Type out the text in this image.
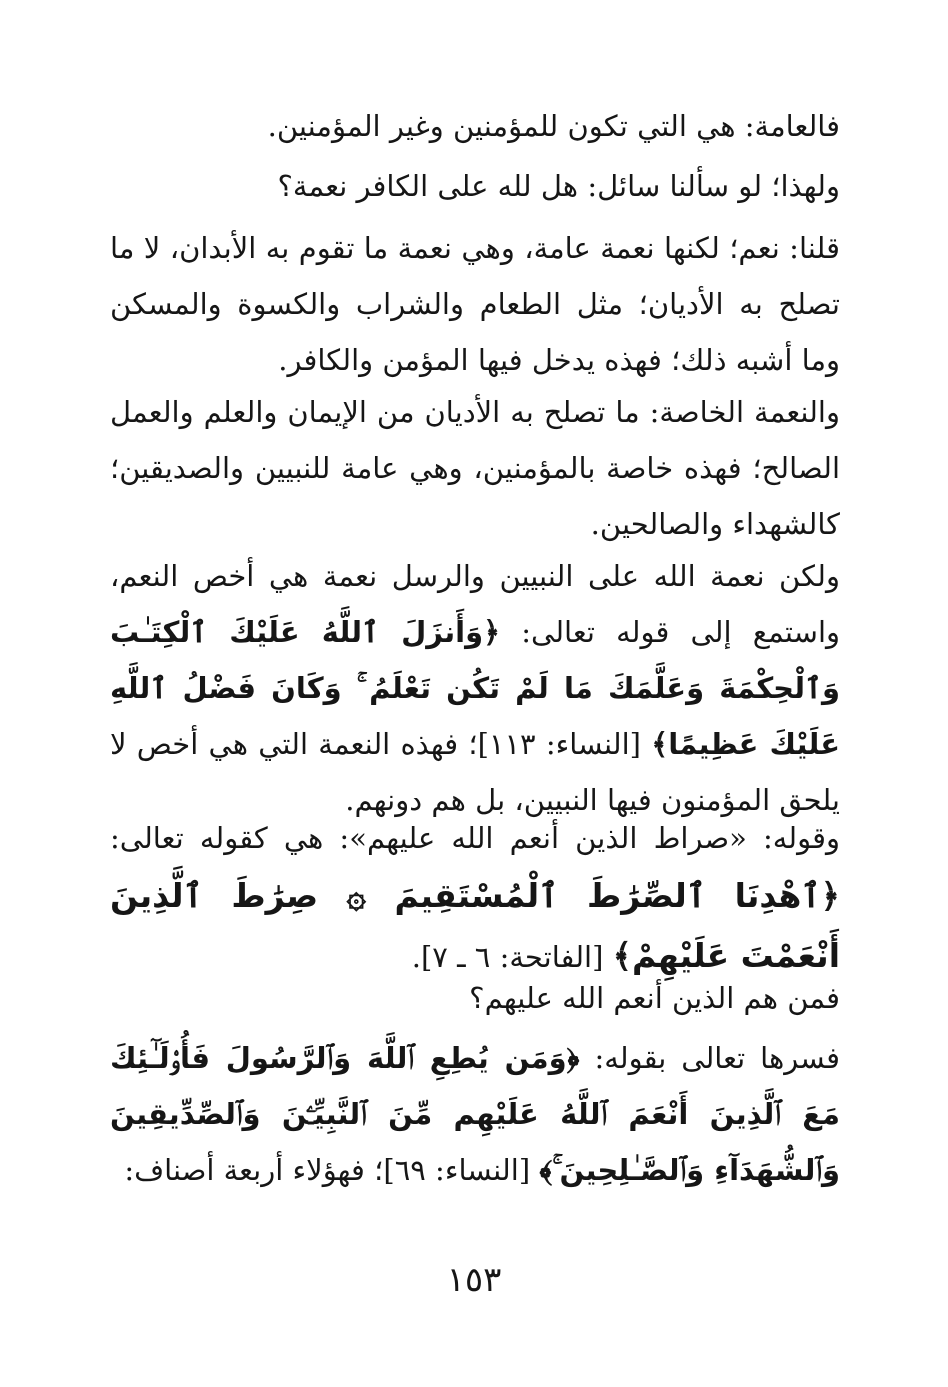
فالعامة: هي التي تكون للمؤمنين وغير المؤمنين.
ولهذا؛ لو سألنا سائل: هل لله على الكافر نعمة؟
قلنا: نعم؛ لكنها نعمة عامة، وهي نعمة ما تقوم به الأبدان، لا ما تصلح به الأديان؛ مثل الطعام والشراب والكسوة والمسكن وما أشبه ذلك؛ فهذه يدخل فيها المؤمن والكافر.
والنعمة الخاصة: ما تصلح به الأديان من الإيمان والعلم والعمل الصالح؛ فهذه خاصة بالمؤمنين، وهي عامة للنبيين والصديقين؛ كالشهداء والصالحين.
ولكن نعمة الله على النبيين والرسل نعمة هي أخص النعم، واستمع إلى قوله تعالى: ﴿وَأَنزَلَ ٱللَّهُ عَلَيْكَ ٱلْكِتَـٰبَ وَٱلْحِكْمَةَ وَعَلَّمَكَ مَا لَمْ تَكُن تَعْلَمُ ۚ وَكَانَ فَضْلُ ٱللَّهِ عَلَيْكَ عَظِيمًا﴾ [النساء: ١١٣]؛ فهذه النعمة التي هي أخص لا يلحق المؤمنون فيها النبيين، بل هم دونهم.
وقوله: «صراط الذين أنعم الله عليهم»: هي كقوله تعالى: ﴿ٱهْدِنَا ٱلصِّرَٰطَ ٱلْمُسْتَقِيمَ ۞ صِرَٰطَ ٱلَّذِينَ أَنْعَمْتَ عَلَيْهِمْ﴾ [الفاتحة: ٦ ـ ٧].
فمن هم الذين أنعم الله عليهم؟
فسرها تعالى بقوله: ﴿وَمَن يُطِعِ ٱللَّهَ وَٱلرَّسُولَ فَأُو۟لَـٰٓئِكَ مَعَ ٱلَّذِينَ أَنْعَمَ ٱللَّهُ عَلَيْهِم مِّنَ ٱلنَّبِيِّـۧنَ وَٱلصِّدِّيقِينَ وَٱلشُّهَدَآءِ وَٱلصَّـٰلِحِينَ ۚ﴾ [النساء: ٦٩]؛ فهؤلاء أربعة أصناف:
١٥٣
